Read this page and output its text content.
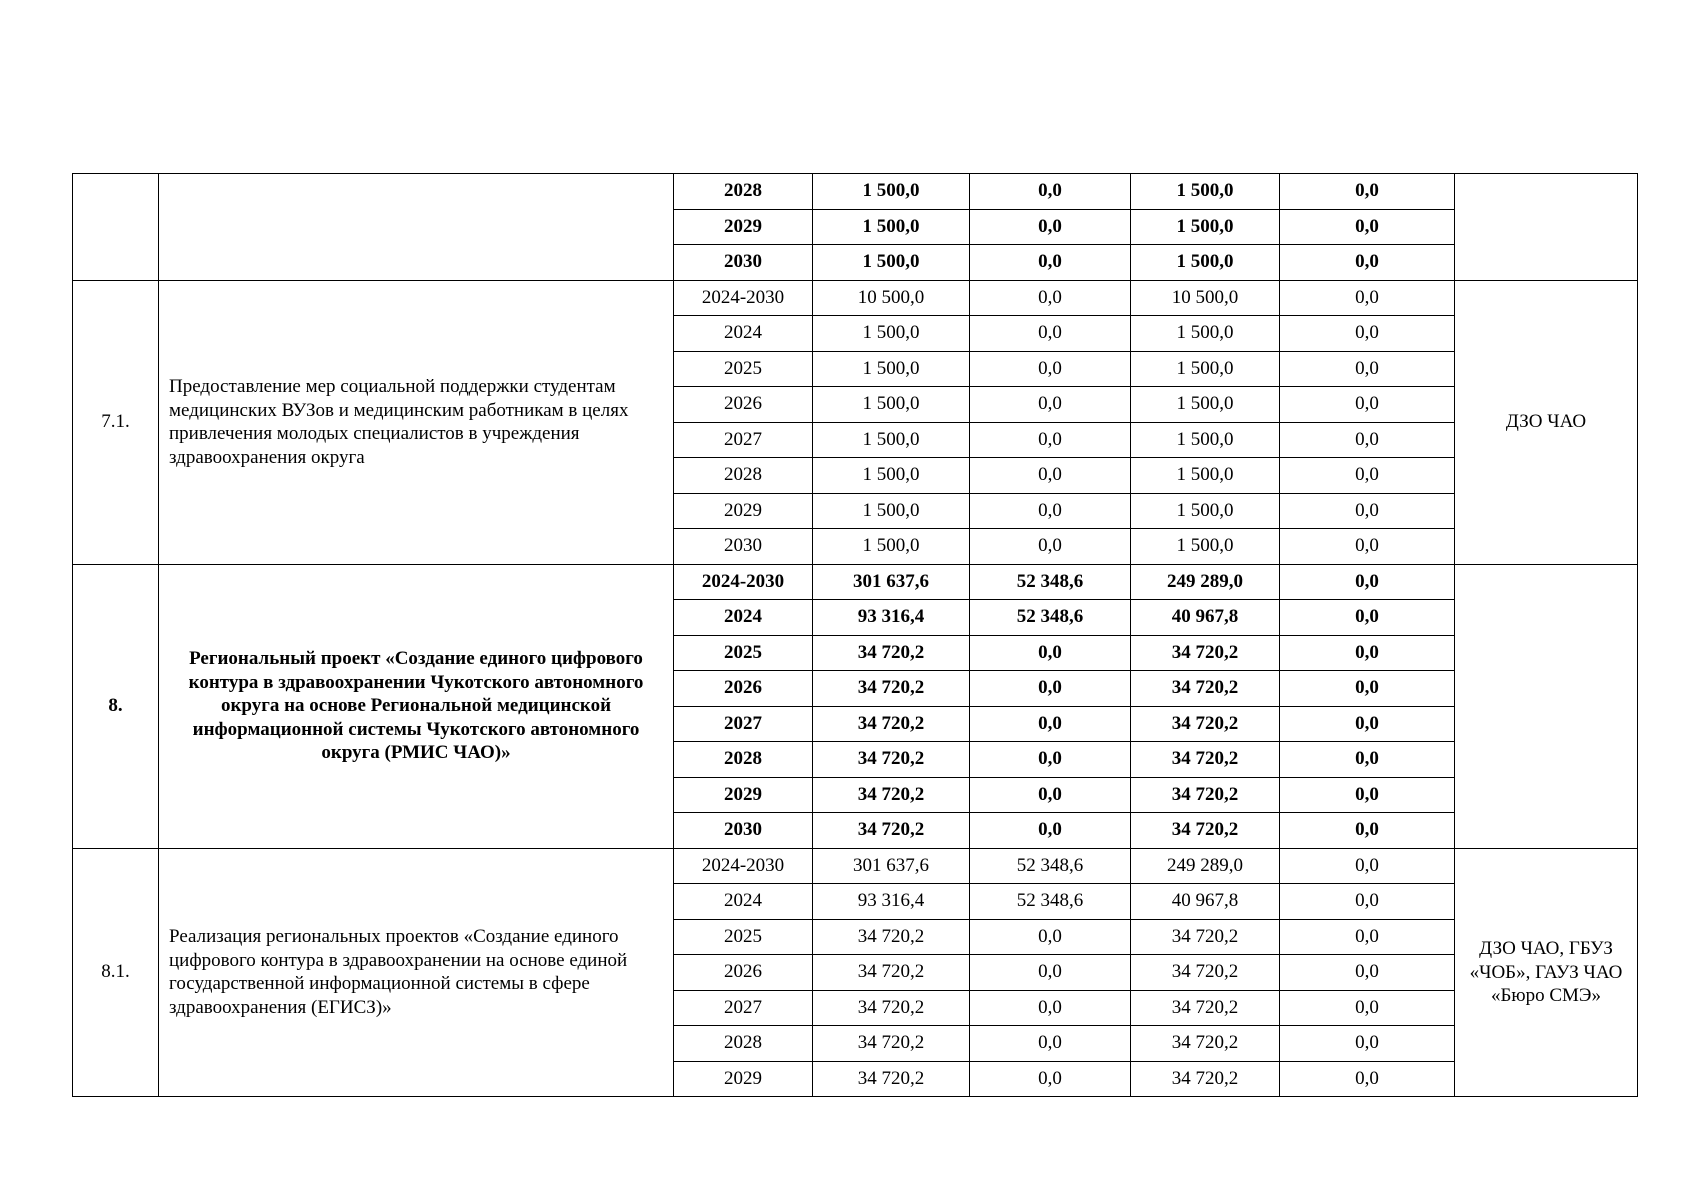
		2028	1 500,0	0,0	1 500,0	0,0	
		2029	1 500,0	0,0	1 500,0	0,0	
		2030	1 500,0	0,0	1 500,0	0,0	
7.1.	Предоставление мер социальной поддержки студентам медицинских ВУЗов и медицинским работникам в целях привлечения молодых специалистов в учреждения здравоохранения округа	2024-2030	10 500,0	0,0	10 500,0	0,0	ДЗО ЧАО
		2024	1 500,0	0,0	1 500,0	0,0	
		2025	1 500,0	0,0	1 500,0	0,0	
		2026	1 500,0	0,0	1 500,0	0,0	
		2027	1 500,0	0,0	1 500,0	0,0	
		2028	1 500,0	0,0	1 500,0	0,0	
		2029	1 500,0	0,0	1 500,0	0,0	
		2030	1 500,0	0,0	1 500,0	0,0	
8.	Региональный проект «Создание единого цифрового контура в здравоохранении Чукотского автономного округа на основе Региональной медицинской информационной системы Чукотского автономного округа (РМИС ЧАО)»	2024-2030	301 637,6	52 348,6	249 289,0	0,0	
		2024	93 316,4	52 348,6	40 967,8	0,0	
		2025	34 720,2	0,0	34 720,2	0,0	
		2026	34 720,2	0,0	34 720,2	0,0	
		2027	34 720,2	0,0	34 720,2	0,0	
		2028	34 720,2	0,0	34 720,2	0,0	
		2029	34 720,2	0,0	34 720,2	0,0	
		2030	34 720,2	0,0	34 720,2	0,0	
8.1.	Реализация региональных проектов «Создание единого цифрового контура в здравоохранении на основе единой государственной информационной системы в сфере здравоохранения (ЕГИСЗ)»	2024-2030	301 637,6	52 348,6	249 289,0	0,0	ДЗО ЧАО, ГБУЗ «ЧОБ», ГАУЗ ЧАО «Бюро СМЭ»
		2024	93 316,4	52 348,6	40 967,8	0,0	
		2025	34 720,2	0,0	34 720,2	0,0	
		2026	34 720,2	0,0	34 720,2	0,0	
		2027	34 720,2	0,0	34 720,2	0,0	
		2028	34 720,2	0,0	34 720,2	0,0	
		2029	34 720,2	0,0	34 720,2	0,0	
